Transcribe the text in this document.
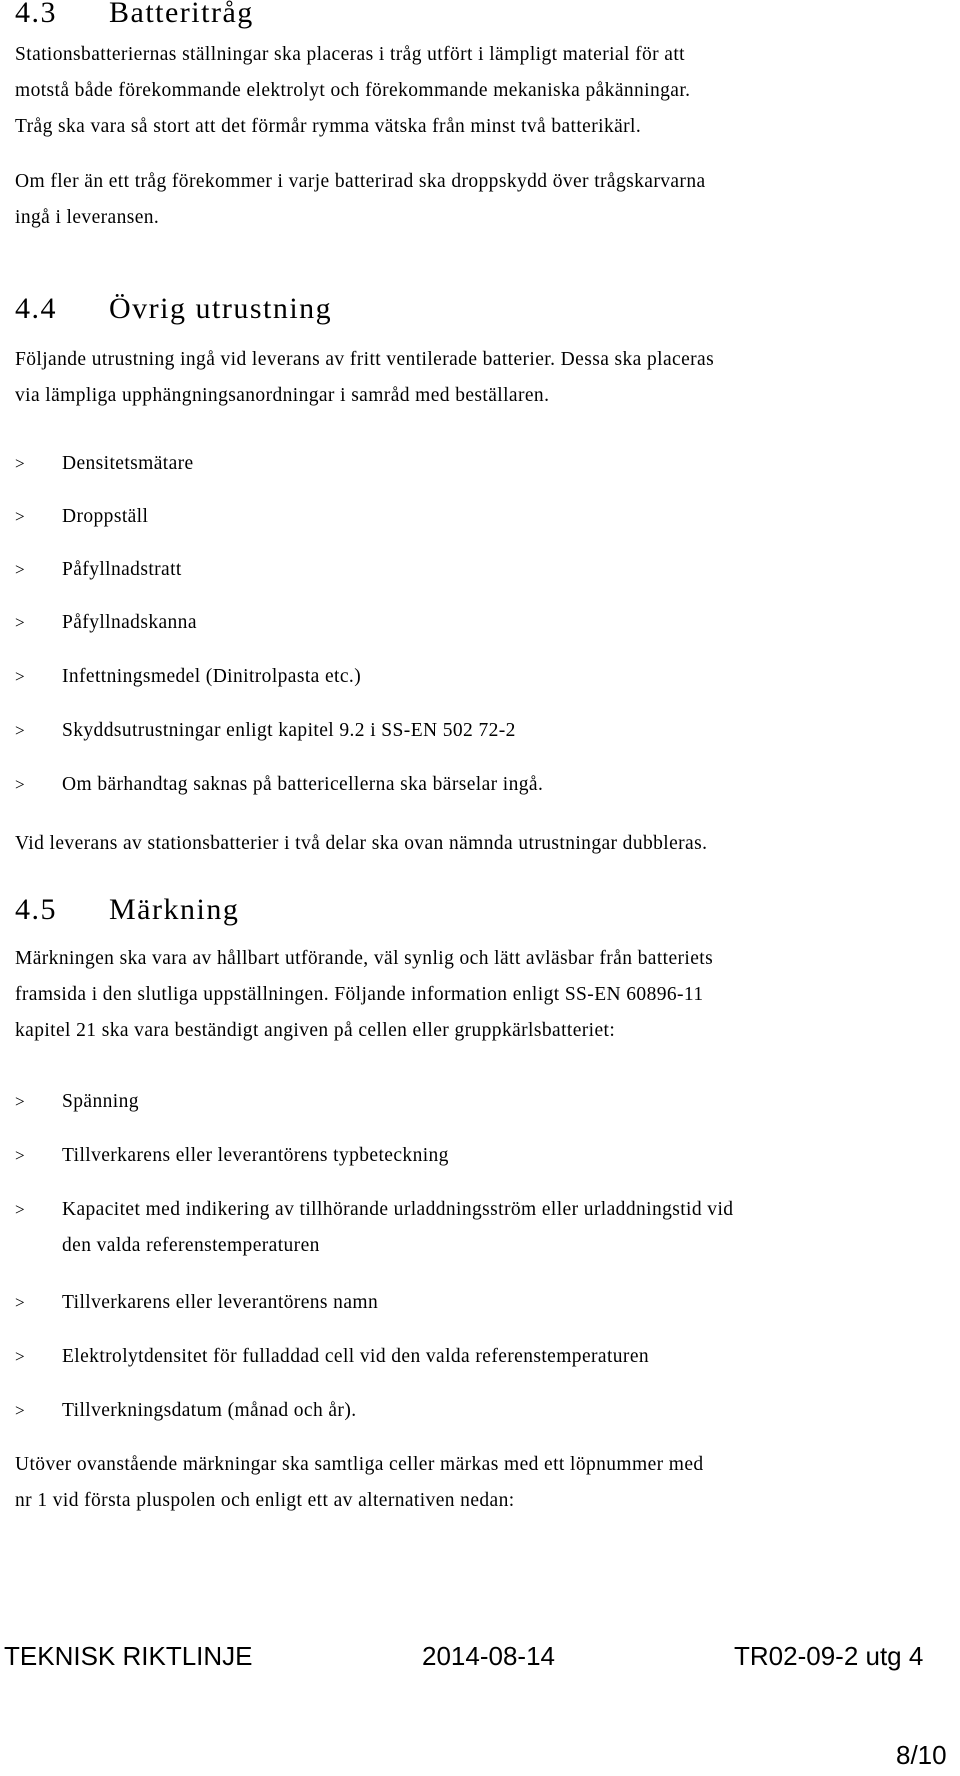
4.3 Batteritråg
Stationsbatteriernas ställningar ska placeras i tråg utfört i lämpligt material för att
motstå både förekommande elektrolyt och förekommande mekaniska påkänningar.
Tråg ska vara så stort att det förmår rymma vätska från minst två batterikärl.
Om fler än ett tråg förekommer i varje batterirad ska droppskydd över trågskarvarna
ingå i leveransen.
4.4 Övrig utrustning
Följande utrustning ingå vid leverans av fritt ventilerade batterier. Dessa ska placeras
via lämpliga upphängningsanordningar i samråd med beställaren.
> Densitetsmätare
> Droppställ
> Påfyllnadstratt
> Påfyllnadskanna
> Infettningsmedel (Dinitrolpasta etc.)
> Skyddsutrustningar enligt kapitel 9.2 i SS-EN 502 72-2
> Om bärhandtag saknas på battericellerna ska bärselar ingå.
Vid leverans av stationsbatterier i två delar ska ovan nämnda utrustningar dubbleras.
4.5 Märkning
Märkningen ska vara av hållbart utförande, väl synlig och lätt avläsbar från batteriets
framsida i den slutliga uppställningen. Följande information enligt SS-EN 60896-11
kapitel 21 ska vara beständigt angiven på cellen eller gruppkärlsbatteriet:
> Spänning
> Tillverkarens eller leverantörens typbeteckning
> Kapacitet med indikering av tillhörande urladdningsström eller urladdningstid vid
den valda referenstemperaturen
> Tillverkarens eller leverantörens namn
> Elektrolytdensitet för fulladdad cell vid den valda referenstemperaturen
> Tillverkningsdatum (månad och år).
Utöver ovanstående märkningar ska samtliga celler märkas med ett löpnummer med
nr 1 vid första pluspolen och enligt ett av alternativen nedan:
TEKNISK RIKTLINJE	2014-08-14	TR02-09-2 utg 4
8/10
